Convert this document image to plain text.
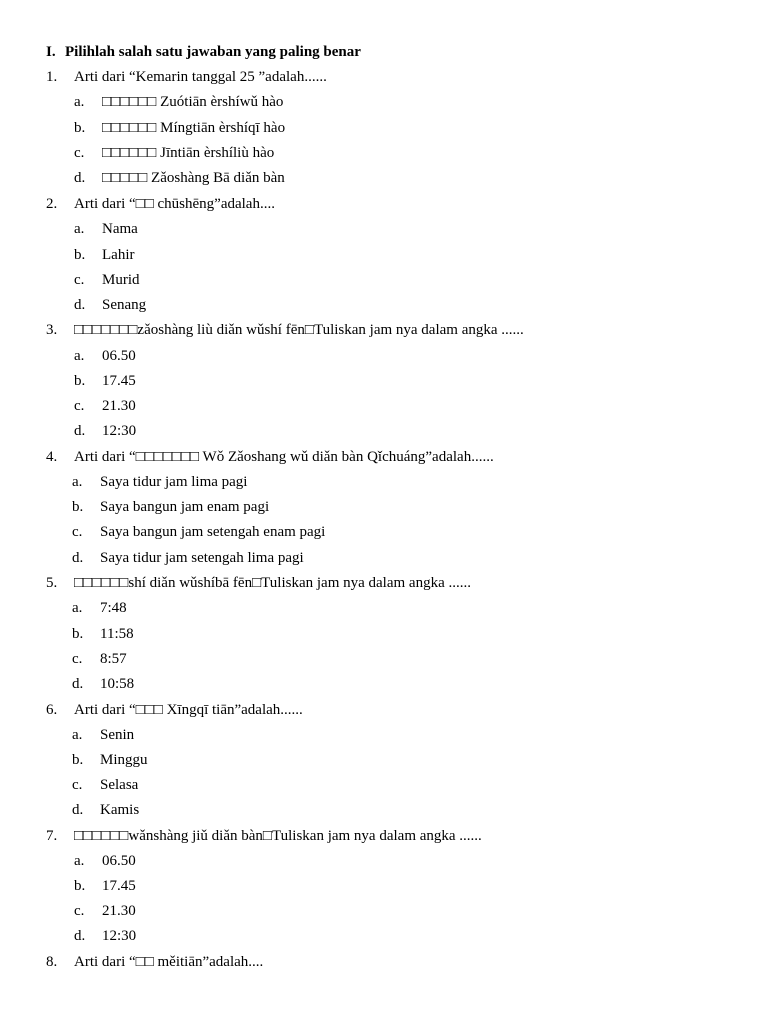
I. Pilihlah salah satu jawaban yang paling benar
1. Arti dari “Kemarin tanggal 25 ”adalah......
a. □□□□□□ Zuótiān èrshíwǔ hào
b. □□□□□□ Míngtiān èrshíqī hào
c. □□□□□□ Jīntiān èrshíliù hào
d. □□□□□ Zǎoshàng Bā diǎn bàn
2. Arti dari “□□ chūshēng”adalah....
a. Nama
b. Lahir
c. Murid
d. Senang
3. □□□□□□□zǎoshàng liù diǎn wǔshí fēn□Tuliskan jam nya dalam angka ......
a. 06.50
b. 17.45
c. 21.30
d. 12:30
4. Arti dari “□□□□□□□ Wǒ Zǎoshang wǔ diǎn bàn Qǐchuáng”adalah......
a. Saya tidur jam lima pagi
b. Saya bangun jam enam pagi
c. Saya bangun jam setengah enam pagi
d. Saya tidur jam setengah lima pagi
5. □□□□□□shí diǎn wǔshíbā fēn□Tuliskan jam nya dalam angka ......
a. 7:48
b. 11:58
c. 8:57
d. 10:58
6. Arti dari “□□□ Xīngqī tiān”adalah......
a. Senin
b. Minggu
c. Selasa
d. Kamis
7. □□□□□□wǎnshàng jiǔ diǎn bàn□Tuliskan jam nya dalam angka ......
a. 06.50
b. 17.45
c. 21.30
d. 12:30
8. Arti dari “□□ měitiān”adalah....
